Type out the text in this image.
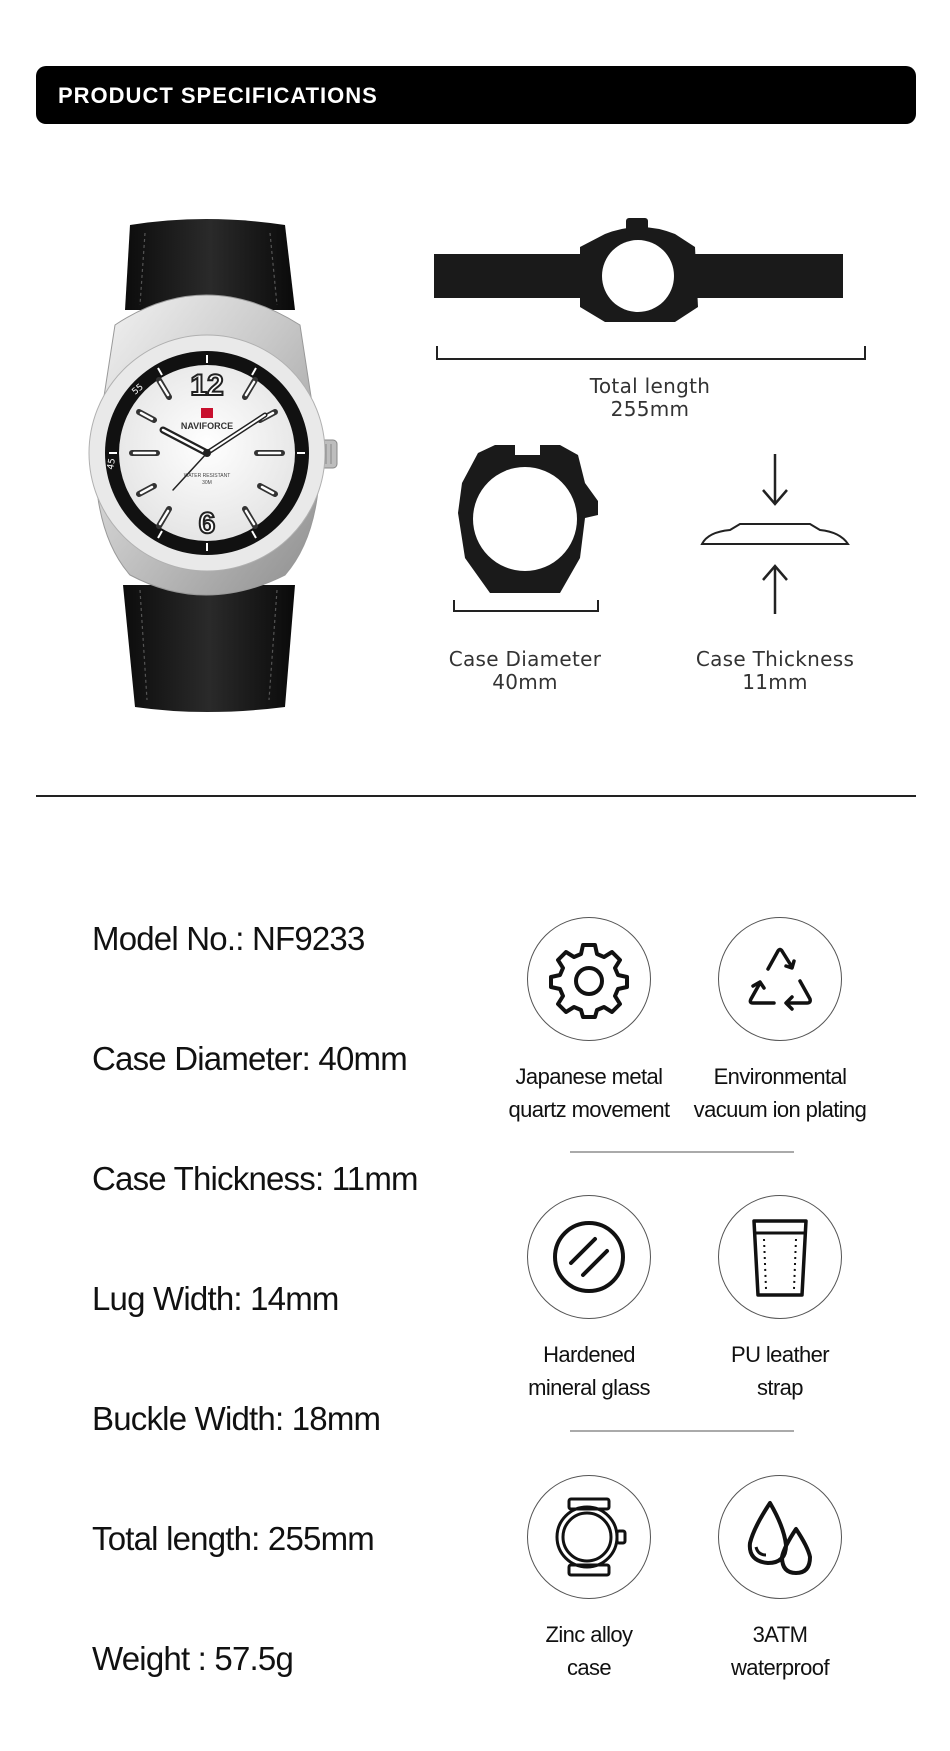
PRODUCT SPECIFICATIONS
55
45
12
6
NAVIFORCE
WATER RESISTANT
30M
Total length
255mm
Case Diameter
40mm
Case Thickness
11mm
Model No.: NF9233
Case Diameter: 40mm
Case Thickness: 11mm
Lug Width: 14mm
Buckle Width: 18mm
Total length: 255mm
Weight : 57.5g
Japanese metal
quartz movement
Environmental
vacuum ion plating
Hardened
mineral glass
PU leather
strap
Zinc alloy
case
3ATM
waterproof
